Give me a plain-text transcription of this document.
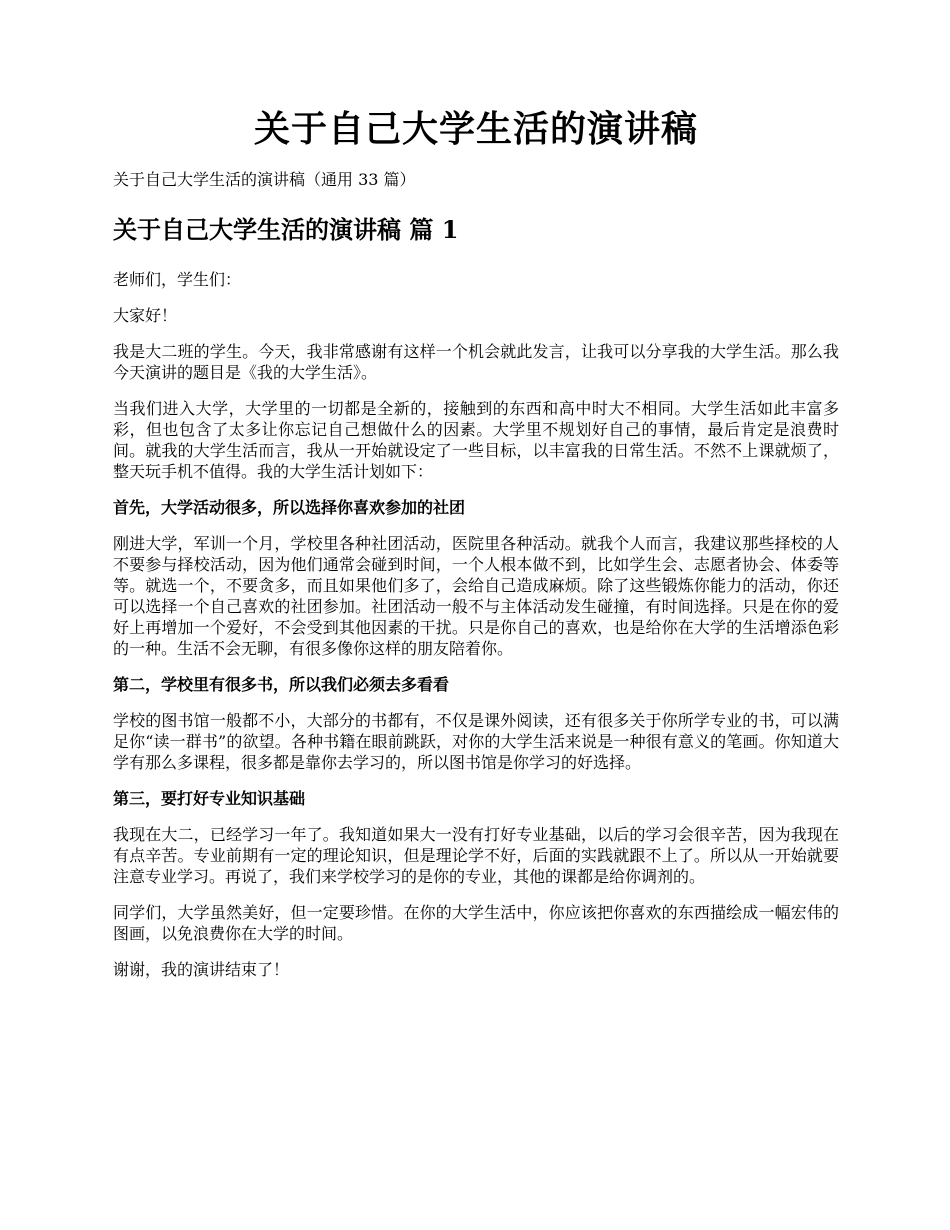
关于自己大学生活的演讲稿

关于自己大学生活的演讲稿（通用 33 篇）

关于自己大学生活的演讲稿 篇 1

老师们，学生们：

大家好！

我是大二班的学生。今天，我非常感谢有这样一个机会就此发言，让我可以分享我的大学生活。那么我今天演讲的题目是《我的大学生活》。

当我们进入大学，大学里的一切都是全新的，接触到的东西和高中时大不相同。大学生活如此丰富多彩，但也包含了太多让你忘记自己想做什么的因素。大学里不规划好自己的事情，最后肯定是浪费时间。就我的大学生活而言，我从一开始就设定了一些目标，以丰富我的日常生活。不然不上课就烦了，整天玩手机不值得。我的大学生活计划如下：

首先，大学活动很多，所以选择你喜欢参加的社团

刚进大学，军训一个月，学校里各种社团活动，医院里各种活动。就我个人而言，我建议那些择校的人不要参与择校活动，因为他们通常会碰到时间，一个人根本做不到，比如学生会、志愿者协会、体委等等。就选一个，不要贪多，而且如果他们多了，会给自己造成麻烦。除了这些锻炼你能力的活动，你还可以选择一个自己喜欢的社团参加。社团活动一般不与主体活动发生碰撞，有时间选择。只是在你的爱好上再增加一个爱好，不会受到其他因素的干扰。只是你自己的喜欢，也是给你在大学的生活增添色彩的一种。生活不会无聊，有很多像你这样的朋友陪着你。

第二，学校里有很多书，所以我们必须去多看看

学校的图书馆一般都不小，大部分的书都有，不仅是课外阅读，还有很多关于你所学专业的书，可以满足你“读一群书”的欲望。各种书籍在眼前跳跃，对你的大学生活来说是一种很有意义的笔画。你知道大学有那么多课程，很多都是靠你去学习的，所以图书馆是你学习的好选择。

第三，要打好专业知识基础

我现在大二，已经学习一年了。我知道如果大一没有打好专业基础，以后的学习会很辛苦，因为我现在有点辛苦。专业前期有一定的理论知识，但是理论学不好，后面的实践就跟不上了。所以从一开始就要注意专业学习。再说了，我们来学校学习的是你的专业，其他的课都是给你调剂的。

同学们，大学虽然美好，但一定要珍惜。在你的大学生活中，你应该把你喜欢的东西描绘成一幅宏伟的图画，以免浪费你在大学的时间。

谢谢，我的演讲结束了！
